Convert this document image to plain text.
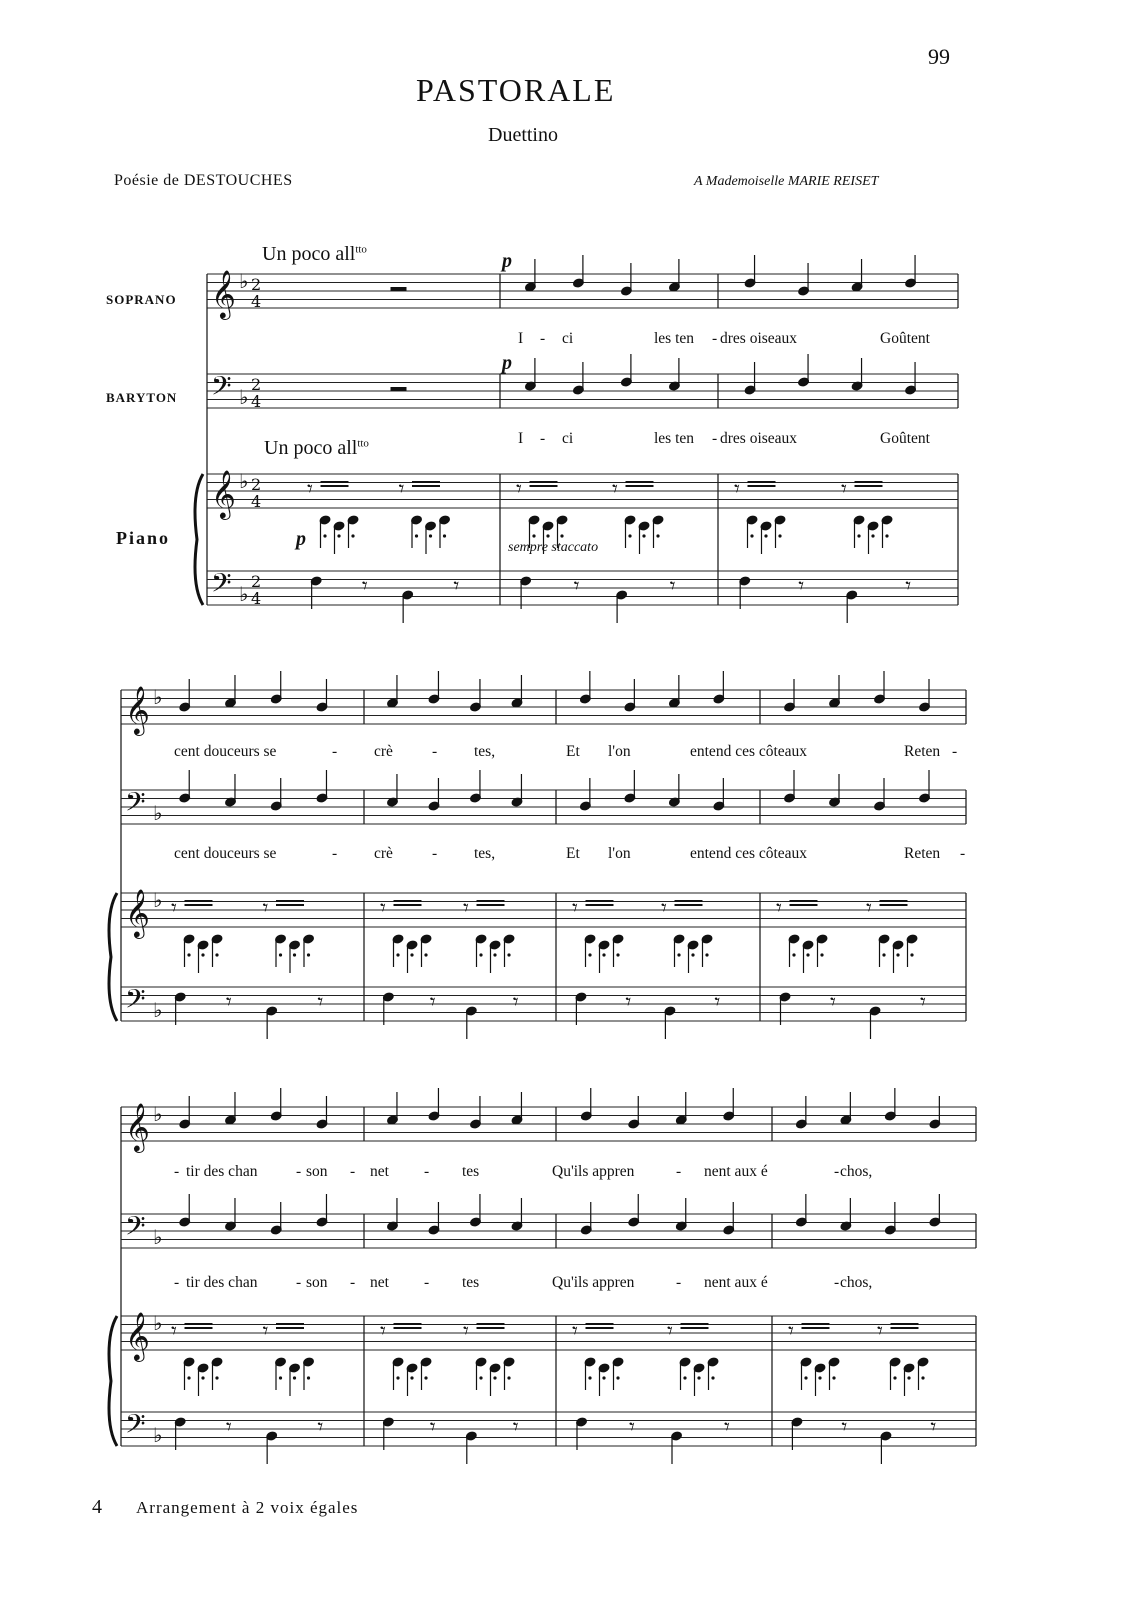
99
PASTORALE
Duettino
Poésie de DESTOUCHES	A Mademoiselle MARIE REISET
Un poco all$^{tto}$
SOPRANO
BARYTON
Un poco all$^{tto}$
Piano
p
p
p	sempre staccato
I - ci	les ten - dres oiseaux	Goûtent
I - ci	les ten - dres oiseaux	Goûtent
cent douceurs se	- crè	- tes,	Et l'on	entend ces côteaux	Reten -
cent douceurs se	- crè	- tes,	Et l'on	entend ces côteaux	Reten -
- tir des chan - son - net - tes	Qu'ils appren	- nent aux é	- chos,
- tir des chan - son - net - tes	Qu'ils appren	- nent aux é	- chos,
4 Arrangement à 2 voix égales
𝄞
𝄢
𝄞
𝄢
♭
♭
♭
♭
2
4
2
4
2
4
2
4
𝄾	𝄾
𝄾	𝄾
𝄾	𝄾
𝄾	𝄾
𝄾	𝄾
𝄾	𝄾
𝄞
𝄢
𝄞
𝄢
♭
♭
♭
♭
𝄾	𝄾
𝄾	𝄾
𝄾	𝄾
𝄾	𝄾
𝄾	𝄾
𝄾	𝄾
𝄾	𝄾
𝄾	𝄾
𝄞
𝄢
𝄞
𝄢
♭
♭
♭
♭
𝄾	𝄾
𝄾	𝄾
𝄾	𝄾
𝄾	𝄾
𝄾	𝄾
𝄾	𝄾
𝄾	𝄾
𝄾	𝄾
